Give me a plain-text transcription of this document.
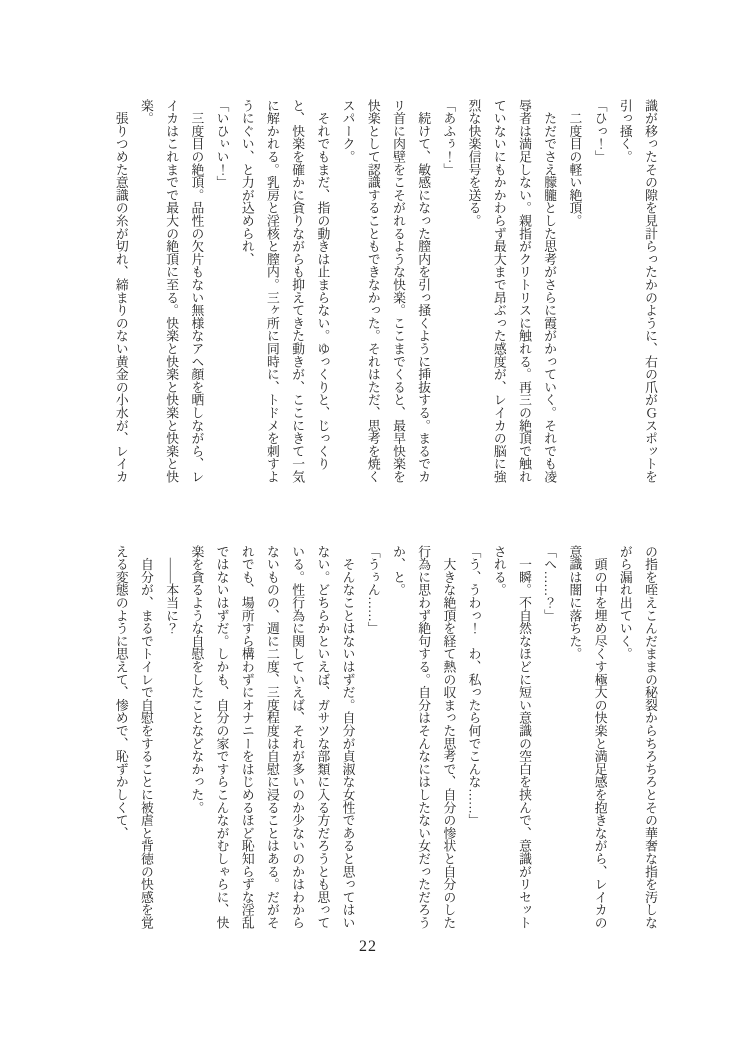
識が移ったその隙を見計らったかのように、右の爪がＧスポットを
引っ掻く。
「ひっ！」
　二度目の軽い絶頂。
　ただでさえ朦朧とした思考がさらに霞がかっていく。それでも凌
辱者は満足しない。親指がクリトリスに触れる。再三の絶頂で触れ
ていないにもかかわらず最大まで昂ぶった感度が、レイカの脳に強
烈な快楽信号を送る。
「あふぅ！」
　続けて、敏感になった膣内を引っ掻くように挿抜する。まるでカ
リ首に肉壁をこそがれるような快楽。ここまでくると、最早快楽を
快楽として認識することもできなかった。それはただ、思考を焼く
スパーク。
　それでもまだ、指の動きは止まらない。ゆっくりと、じっくり
と、快楽を確かに貪りながらも抑えてきた動きが、ここにきて一気
に解かれる。乳房と淫核と膣内。三ヶ所に同時に、トドメを刺すよ
うにぐい、と力が込められ、
「いひぃい！」
　三度目の絶頂。品性の欠片もない無様なアヘ顔を晒しながら、レ
イカはこれまでで最大の絶頂に至る。快楽と快楽と快楽と快楽と快
楽。
　張りつめた意識の糸が切れ、締まりのない黄金の小水が、レイカ
の指を咥えこんだままの秘裂からちろちろとその華奢な指を汚しな
がら漏れ出ていく。
　頭の中を埋め尽くす極大の快楽と満足感を抱きながら、レイカの
意識は闇に落ちた。
「へ……？」
　一瞬。不自然なほどに短い意識の空白を挟んで、意識がリセット
される。
「う、うわっ！　わ、私ったら何でこんな……」
　大きな絶頂を経て熱の収まった思考で、自分の惨状と自分のした
行為に思わず絶句する。自分はそんなにはしたない女だっただろう
か、と。
「うぅん……」
　そんなことはないはずだ。自分が貞淑な女性であると思ってはい
ない。どちらかといえば、ガサツな部類に入る方だろうとも思って
いる。性行為に関していえば、それが多いのか少ないのかはわから
ないものの、週に二度、三度程度は自慰に浸ることはある。だがそ
れでも、場所すら構わずにオナニーをはじめるほど恥知らずな淫乱
ではないはずだ。しかも、自分の家ですらこんながむしゃらに、快
楽を貪るような自慰をしたことなどなかった。
　――本当に？
　自分が、まるでトイレで自慰をすることに被虐と背徳の快感を覚
える変態のように思えて、惨めで、恥ずかしくて、
22
